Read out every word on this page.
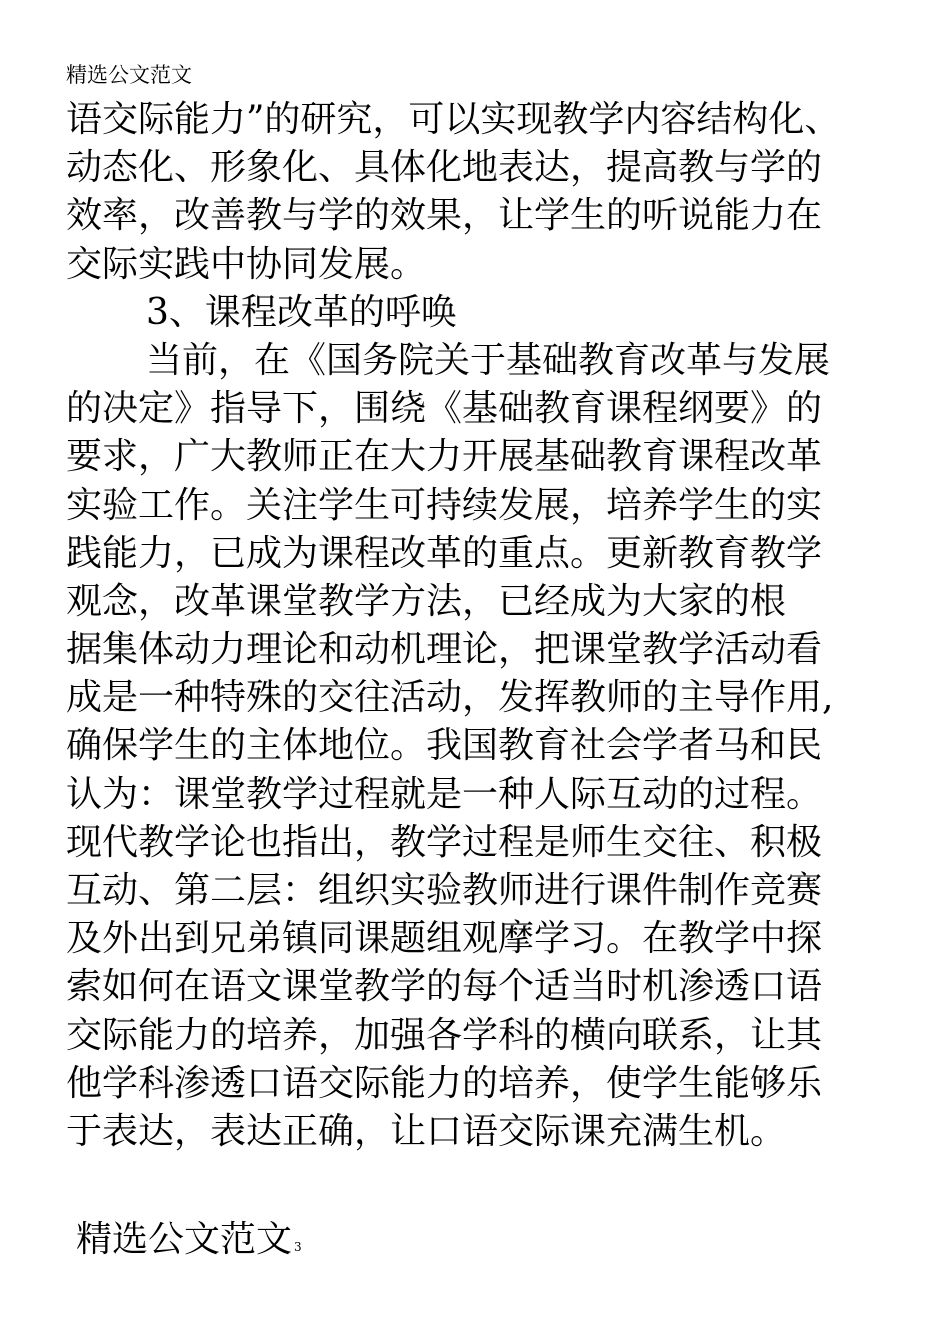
精选公文范文
语交际能力”的研究，可以实现教学内容结构化、
动态化、形象化、具体化地表达，提高教与学的
效率，改善教与学的效果，让学生的听说能力在
交际实践中协同发展。
3、课程改革的呼唤
当前，在《国务院关于基础教育改革与发展
的决定》指导下，围绕《基础教育课程纲要》的
要求，广大教师正在大力开展基础教育课程改革
实验工作。关注学生可持续发展，培养学生的实
践能力，已成为课程改革的重点。更新教育教学
观念，改革课堂教学方法，已经成为大家的根
据集体动力理论和动机理论，把课堂教学活动看
成是一种特殊的交往活动，发挥教师的主导作用,
确保学生的主体地位。我国教育社会学者马和民
认为：课堂教学过程就是一种人际互动的过程。
现代教学论也指出，教学过程是师生交往、积极
互动、第二层：组织实验教师进行课件制作竞赛
及外出到兄弟镇同课题组观摩学习。在教学中探
索如何在语文课堂教学的每个适当时机渗透口语
交际能力的培养，加强各学科的横向联系，让其
他学科渗透口语交际能力的培养，使学生能够乐
于表达，表达正确，让口语交际课充满生机。
精选公文范文 3
